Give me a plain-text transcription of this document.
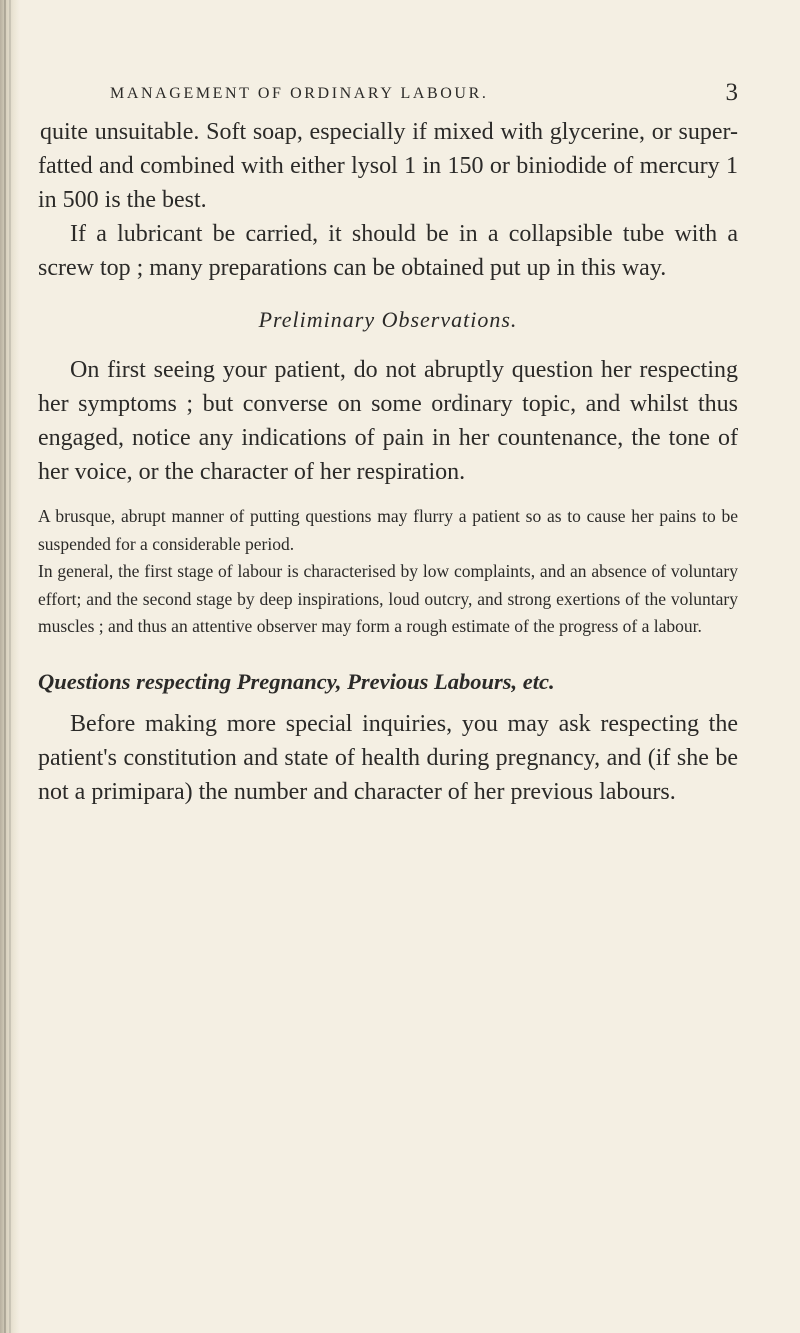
MANAGEMENT OF ORDINARY LABOUR.	3

quite unsuitable. Soft soap, especially if mixed with glycerine, or super-fatted and combined with either lysol 1 in 150 or biniodide of mercury 1 in 500 is the best.

If a lubricant be carried, it should be in a collapsible tube with a screw top ; many preparations can be obtained put up in this way.

Preliminary Observations.

On first seeing your patient, do not abruptly question her respecting her symptoms ; but converse on some ordinary topic, and whilst thus engaged, notice any indications of pain in her countenance, the tone of her voice, or the character of her respiration.

A brusque, abrupt manner of putting questions may flurry a patient so as to cause her pains to be suspended for a considerable period.

In general, the first stage of labour is characterised by low complaints, and an absence of voluntary effort; and the second stage by deep inspirations, loud outcry, and strong exertions of the voluntary muscles ; and thus an attentive observer may form a rough estimate of the progress of a labour.

Questions respecting Pregnancy, Previous Labours, etc.

Before making more special inquiries, you may ask respecting the patient's constitution and state of health during pregnancy, and (if she be not a primipara) the number and character of her previous labours.
